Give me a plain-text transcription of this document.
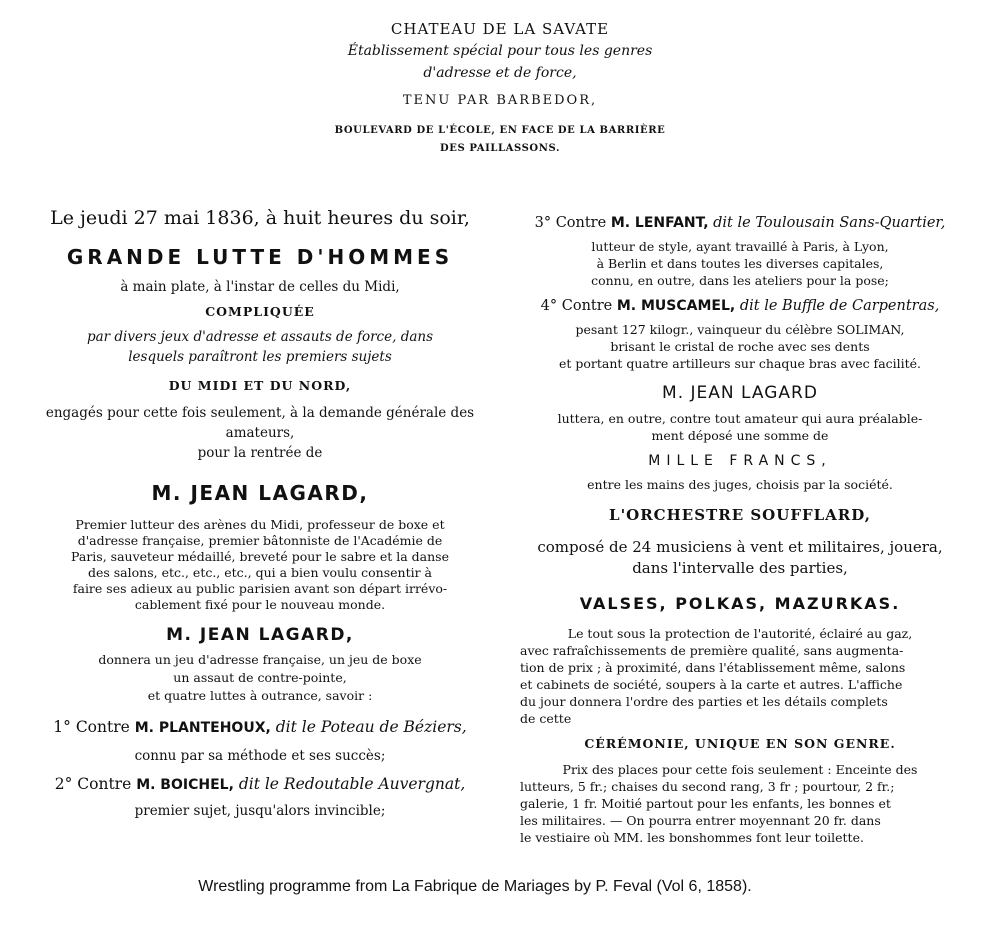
CHATEAU DE LA SAVATE
Établissement spécial pour tous les genres
d'adresse et de force,
TENU PAR BARBEDOR,
BOULEVARD DE L'ÉCOLE, EN FACE DE LA BARRIÈRE
DES PAILLASSONS.
Le jeudi 27 mai 1836, à huit heures du soir,
GRANDE LUTTE D'HOMMES
à main plate, à l'instar de celles du Midi,
COMPLIQUÉE
par divers jeux d'adresse et assauts de force, dans
lesquels paraîtront les premiers sujets
DU MIDI ET DU NORD,
engagés pour cette fois seulement, à la demande générale des
amateurs,
pour la rentrée de
M. JEAN LAGARD,
Premier lutteur des arènes du Midi, professeur de boxe et
d'adresse française, premier bâtonniste de l'Académie de
Paris, sauveteur médaillé, breveté pour le sabre et la danse
des salons, etc., etc., etc., qui a bien voulu consentir à
faire ses adieux au public parisien avant son départ irrévo-
cablement fixé pour le nouveau monde.
M. JEAN LAGARD,
donnera un jeu d'adresse française, un jeu de boxe
un assaut de contre-pointe,
et quatre luttes à outrance, savoir :
1° Contre M. PLANTEHOUX, dit le Poteau de Béziers,
connu par sa méthode et ses succès;
2° Contre M. BOICHEL, dit le Redoutable Auvergnat,
premier sujet, jusqu'alors invincible;
3° Contre M. LENFANT, dit le Toulousain Sans-Quartier,
lutteur de style, ayant travaillé à Paris, à Lyon,
à Berlin et dans toutes les diverses capitales,
connu, en outre, dans les ateliers pour la pose;
4° Contre M. MUSCAMEL, dit le Buffle de Carpentras,
pesant 127 kilogr., vainqueur du célèbre SOLIMAN,
brisant le cristal de roche avec ses dents
et portant quatre artilleurs sur chaque bras avec facilité.
M. JEAN LAGARD
luttera, en outre, contre tout amateur qui aura préalable-
ment déposé une somme de
MILLE FRANCS,
entre les mains des juges, choisis par la société.
L'ORCHESTRE SOUFFLARD,
composé de 24 musiciens à vent et militaires, jouera,
dans l'intervalle des parties,
VALSES, POLKAS, MAZURKAS.
Le tout sous la protection de l'autorité, éclairé au gaz,
avec rafraîchissements de première qualité, sans augmenta-
tion de prix ; à proximité, dans l'établissement même, salons
et cabinets de société, soupers à la carte et autres. L'affiche
du jour donnera l'ordre des parties et les détails complets
de cette
CÉRÉMONIE, UNIQUE EN SON GENRE.
Prix des places pour cette fois seulement : Enceinte des
lutteurs, 5 fr.; chaises du second rang, 3 fr ; pourtour, 2 fr.;
galerie, 1 fr. Moitié partout pour les enfants, les bonnes et
les militaires. — On pourra entrer moyennant 20 fr. dans
le vestiaire où MM. les bonshommes font leur toilette.
Wrestling programme from La Fabrique de Mariages by P. Feval (Vol 6, 1858).
